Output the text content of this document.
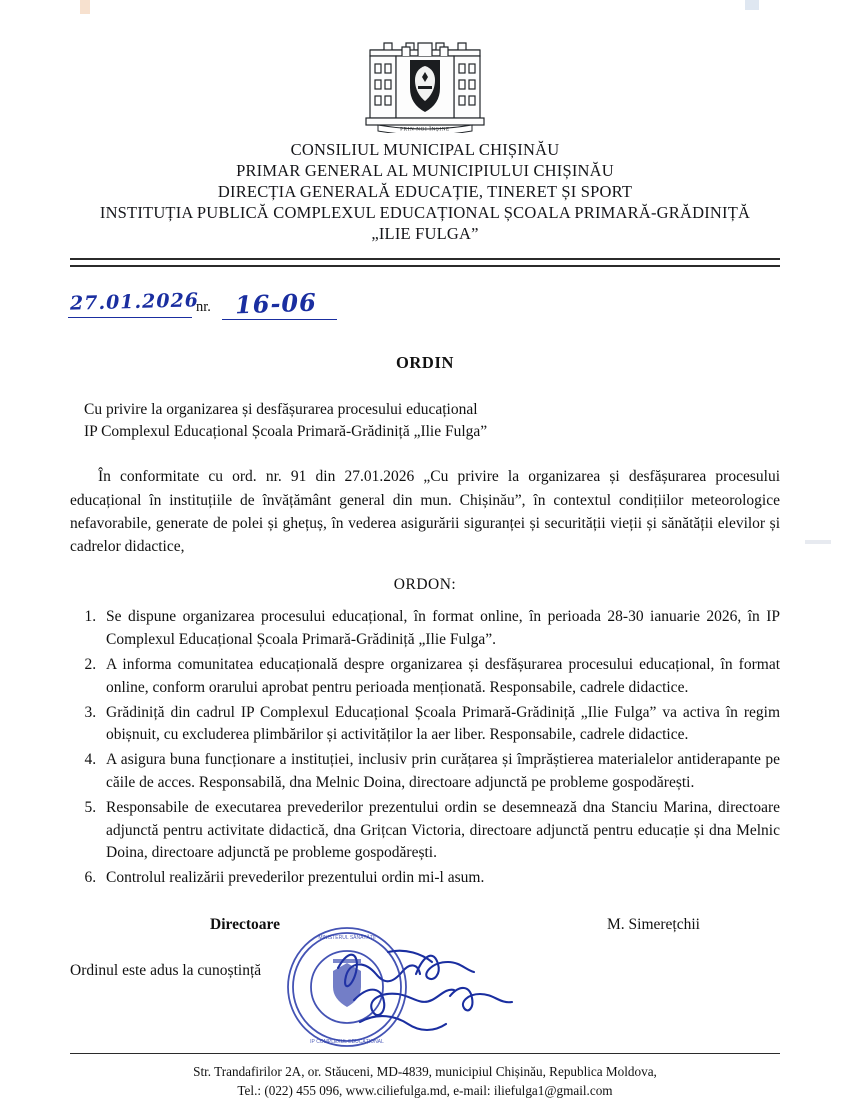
PRIN NOI ÎNȘINE
CONSILIUL MUNICIPAL CHIȘINĂU
PRIMAR GENERAL AL MUNICIPIULUI CHIȘINĂU
DIRECȚIA GENERALĂ EDUCAȚIE, TINERET ȘI SPORT
INSTITUȚIA PUBLICĂ COMPLEXUL EDUCAȚIONAL ȘCOALA PRIMARĂ-GRĂDINIȚĂ
„ILIE FULGA”
27.01.2026
nr. 16-06
ORDIN
Cu privire la organizarea și desfășurarea procesului educațional
IP Complexul Educațional Școala Primară-Grădiniță „Ilie Fulga”

În conformitate cu ord. nr. 91 din 27.01.2026 „Cu privire la organizarea și desfășurarea procesului educațional în instituțiile de învățământ general din mun. Chișinău”, în contextul condițiilor meteorologice nefavorabile, generate de polei și ghețuș, în vederea asigurării siguranței și securității vieții și sănătății elevilor și cadrelor didactice,

ORDON:
1. Se dispune organizarea procesului educațional, în format online, în perioada 28-30 ianuarie 2026, în IP Complexul Educațional Școala Primară-Grădiniță „Ilie Fulga”.
2. A informa comunitatea educațională despre organizarea și desfășurarea procesului educațional, în format online, conform orarului aprobat pentru perioada menționată. Responsabile, cadrele didactice.
3. Grădiniță din cadrul IP Complexul Educațional Școala Primară-Grădiniță „Ilie Fulga” va activa în regim obișnuit, cu excluderea plimbărilor și activităților la aer liber. Responsabile, cadrele didactice.
4. A asigura buna funcționare a instituției, inclusiv prin curățarea și împrăștierea materialelor antiderapante pe căile de acces. Responsabilă, dna Melnic Doina, directoare adjunctă pe probleme gospodărești.
5. Responsabile de executarea prevederilor prezentului ordin se desemnează dna Stanciu Marina, directoare adjunctă pentru activitate didactică, dna Grițcan Victoria, directoare adjunctă pentru educație și dna Melnic Doina, directoare adjunctă pe probleme gospodărești.
6. Controlul realizării prevederilor prezentului ordin mi-l asum.
Directoare	M. Simerețchii
Ordinul este adus la cunoștință
MINISTERUL SĂNĂTĂȚII
IP COMPLEXUL EDUCAȚIONAL
Str. Trandafirilor 2A, or. Stăuceni, MD-4839, municipiul Chișinău, Republica Moldova,
Tel.: (022) 455 096, www.ciliefulga.md, e-mail: iliefulga1@gmail.com
